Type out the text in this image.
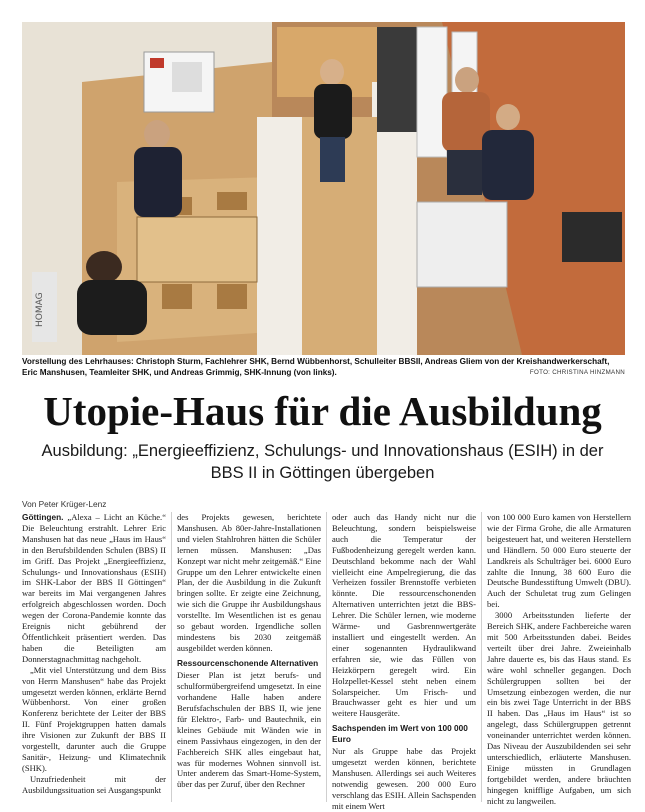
HOMAG
Vorstellung des Lehrhauses: Christoph Sturm, Fachlehrer SHK, Bernd Wübbenhorst, Schulleiter BBSII, Andreas Gliem von der Kreishandwerkerschaft, Eric Manshusen, Teamleiter SHK, und Andreas Grimmig, SHK-Innung (von links).	FOTO: CHRISTINA HINZMANN
Utopie-Haus für die Ausbildung
Ausbildung: „Energieeffizienz, Schulungs- und Innovationshaus (ESIH) in der BBS II in Göttingen übergeben
Von Peter Krüger-Lenz

Göttingen. „Alexa – Licht an Küche.“ Die Beleuchtung erstrahlt. Lehrer Eric Manshusen hat das neue „Haus im Haus“ in den Berufsbildenden Schulen (BBS) II im Griff. Das Projekt „Energieeffizienz, Schulungs- und Innovationshaus (ESIH) im SHK-Labor der BBS II Göttingen“ war bereits im Mai vergangenen Jahres erfolgreich abgeschlossen worden. Doch wegen der Corona-Pandemie konnte das Ereignis nicht gebührend der Öffentlichkeit präsentiert werden. Das haben die Beteiligten am Donnerstagnachmittag nachgeholt.

„Mit viel Unterstützung und dem Biss von Herrn Manshusen“ habe das Projekt umgesetzt werden können, erklärte Bernd Wübbenhorst. Von einer großen Konferenz berichtete der Leiter der BBS II. Fünf Projektgruppen hatten damals ihre Visionen zur Zukunft der BBS II vorgestellt, darunter auch die Gruppe Sanitär-, Heizung- und Klimatechnik (SHK).

Unzufriedenheit mit der Ausbildungssituation sei Ausgangspunkt

des Projekts gewesen, berichtete Manshusen. Ab 80er-Jahre-Installationen und vielen Stahlrohren hätten die Schüler lernen müssen. Manshusen: „Das Konzept war nicht mehr zeitgemäß.“ Eine Gruppe um den Lehrer entwickelte einen Plan, der die Ausbildung in die Zukunft bringen sollte. Er zeigte eine Zeichnung, wie sich die Gruppe ihr Ausbildungshaus vorstellte. Im Wesentlichen ist es genau so gebaut worden. Irgendliche sollen mindestens bis 2030 zeitgemäß ausgebildet werden können.

Ressourcenschonende Alternativen

Dieser Plan ist jetzt berufs- und schulformübergreifend umgesetzt. In eine vorhandene Halle haben andere Berufsfachschulen der BBS II, wie jene für Elektro-, Farb- und Bautechnik, ein kleines Gebäude mit Wänden wie in einem Passivhaus eingezogen, in den der Fachbereich SHK alles eingebaut hat, was für modernes Wohnen sinnvoll ist. Unter anderem das Smart-Home-System, über das per Zuruf, über den Rechner

oder auch das Handy nicht nur die Beleuchtung, sondern beispielsweise auch die Temperatur der Fußbodenheizung geregelt werden kann. Deutschland bekomme nach der Wahl vielleicht eine Ampelregierung, die das Verheizen fossiler Brennstoffe verbieten könnte. Die ressourcenschonenden Alternativen unterrichten jetzt die BBS-Lehrer. Die Schüler lernen, wie moderne Wärme- und Gasbrennwertgeräte installiert und eingestellt werden. An einer sogenannten Hydraulikwand erfahren sie, wie das Füllen von Heizkörpern geregelt wird. Ein Holzpellet-Kessel steht neben einem Solarspeicher. Um Frisch- und Brauchwasser geht es hier und um weitere Hausgeräte.

Sachspenden im Wert von 100 000 Euro

Nur als Gruppe habe das Projekt umgesetzt werden können, berichtete Manshusen. Allerdings sei auch Weiteres notwendig gewesen. 200 000 Euro verschlang das ESIH. Allein Sachspenden mit einem Wert

von 100 000 Euro kamen von Herstellern wie der Firma Grohe, die alle Armaturen beigesteuert hat, und weiteren Herstellern und Händlern. 50 000 Euro steuerte der Landkreis als Schulträger bei. 6000 Euro zahlte die Innung, 38 600 Euro die Deutsche Bundesstiftung Umwelt (DBU). Auch der Schuletat trug zum Gelingen bei.

3000 Arbeitsstunden lieferte der Bereich SHK, andere Fachbereiche waren mit 500 Arbeitsstunden dabei. Beides verteilt über drei Jahre. Zweieinhalb Jahre dauerte es, bis das Haus stand. Es wäre wohl schneller gegangen. Doch Schülergruppen sollten bei der Umsetzung einbezogen werden, die nur ein bis zwei Tage Unterricht in der BBS II haben. Das „Haus im Haus“ ist so angelegt, dass Schülergruppen getrennt voneinander unterrichtet werden können. Das Niveau der Auszubildenden sei sehr unterschiedlich, erläuterte Manshusen. Einige müssten in Grundlagen fortgebildet werden, andere bräuchten hingegen knifflige Aufgaben, um sich nicht zu langweilen.
